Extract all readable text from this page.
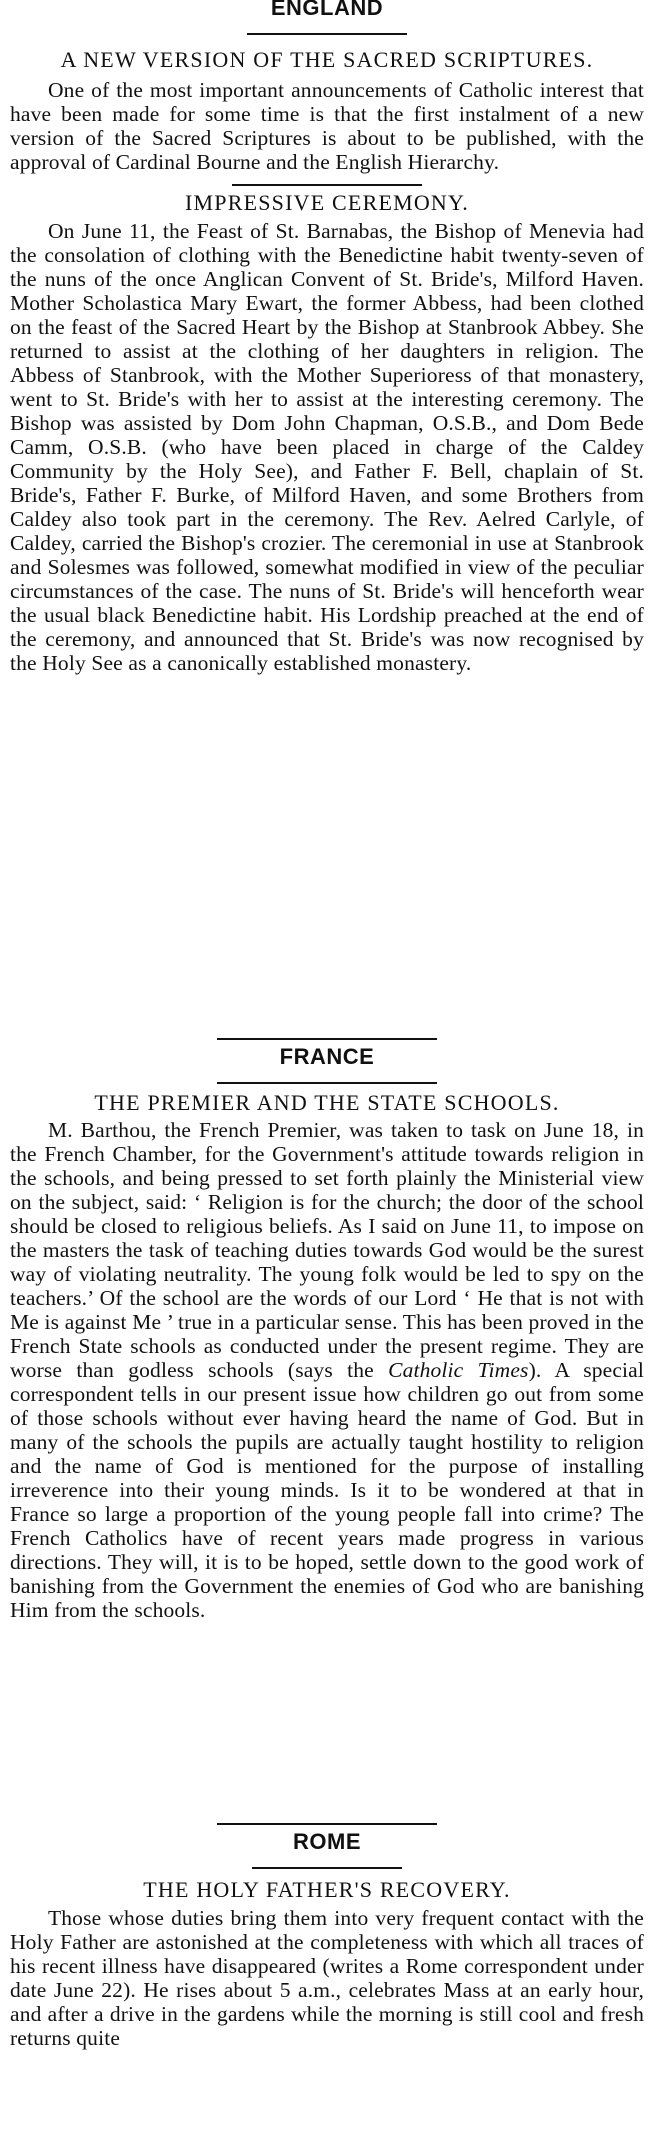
ENGLAND

A NEW VERSION OF THE SACRED SCRIPTURES.

One of the most important announcements of Catholic interest that have been made for some time is that the first instalment of a new version of the Sacred Scriptures is about to be published, with the approval of Cardinal Bourne and the English Hierarchy.

IMPRESSIVE CEREMONY.

On June 11, the Feast of St. Barnabas, the Bishop of Menevia had the consolation of clothing with the Benedictine habit twenty-seven of the nuns of the once Anglican Convent of St. Bride's, Milford Haven. Mother Scholastica Mary Ewart, the former Abbess, had been clothed on the feast of the Sacred Heart by the Bishop at Stanbrook Abbey. She returned to assist at the clothing of her daughters in religion. The Abbess of Stanbrook, with the Mother Superioress of that monastery, went to St. Bride's with her to assist at the interesting ceremony. The Bishop was assisted by Dom John Chapman, O.S.B., and Dom Bede Camm, O.S.B. (who have been placed in charge of the Caldey Community by the Holy See), and Father F. Bell, chaplain of St. Bride's, Father F. Burke, of Milford Haven, and some Brothers from Caldey also took part in the ceremony. The Rev. Aelred Carlyle, of Caldey, carried the Bishop's crozier. The ceremonial in use at Stanbrook and Solesmes was followed, somewhat modified in view of the peculiar circumstances of the case. The nuns of St. Bride's will henceforth wear the usual black Benedictine habit. His Lordship preached at the end of the ceremony, and announced that St. Bride's was now recognised by the Holy See as a canonically established monastery.

FRANCE

THE PREMIER AND THE STATE SCHOOLS.

M. Barthou, the French Premier, was taken to task on June 18, in the French Chamber, for the Government's attitude towards religion in the schools, and being pressed to set forth plainly the Ministerial view on the subject, said: ‘ Religion is for the church; the door of the school should be closed to religious beliefs. As I said on June 11, to impose on the masters the task of teaching duties towards God would be the surest way of violating neutrality. The young folk would be led to spy on the teachers.’ Of the school are the words of our Lord ‘ He that is not with Me is against Me ’ true in a particular sense. This has been proved in the French State schools as conducted under the present regime. They are worse than godless schools (says the Catholic Times). A special correspondent tells in our present issue how children go out from some of those schools without ever having heard the name of God. But in many of the schools the pupils are actually taught hostility to religion and the name of God is mentioned for the purpose of installing irreverence into their young minds. Is it to be wondered at that in France so large a proportion of the young people fall into crime? The French Catholics have of recent years made progress in various directions. They will, it is to be hoped, settle down to the good work of banishing from the Government the enemies of God who are banishing Him from the schools.

ROME

THE HOLY FATHER'S RECOVERY.

Those whose duties bring them into very frequent contact with the Holy Father are astonished at the completeness with which all traces of his recent illness have disappeared (writes a Rome correspondent under date June 22). He rises about 5 a.m., celebrates Mass at an early hour, and after a drive in the gardens while the morning is still cool and fresh returns quite
